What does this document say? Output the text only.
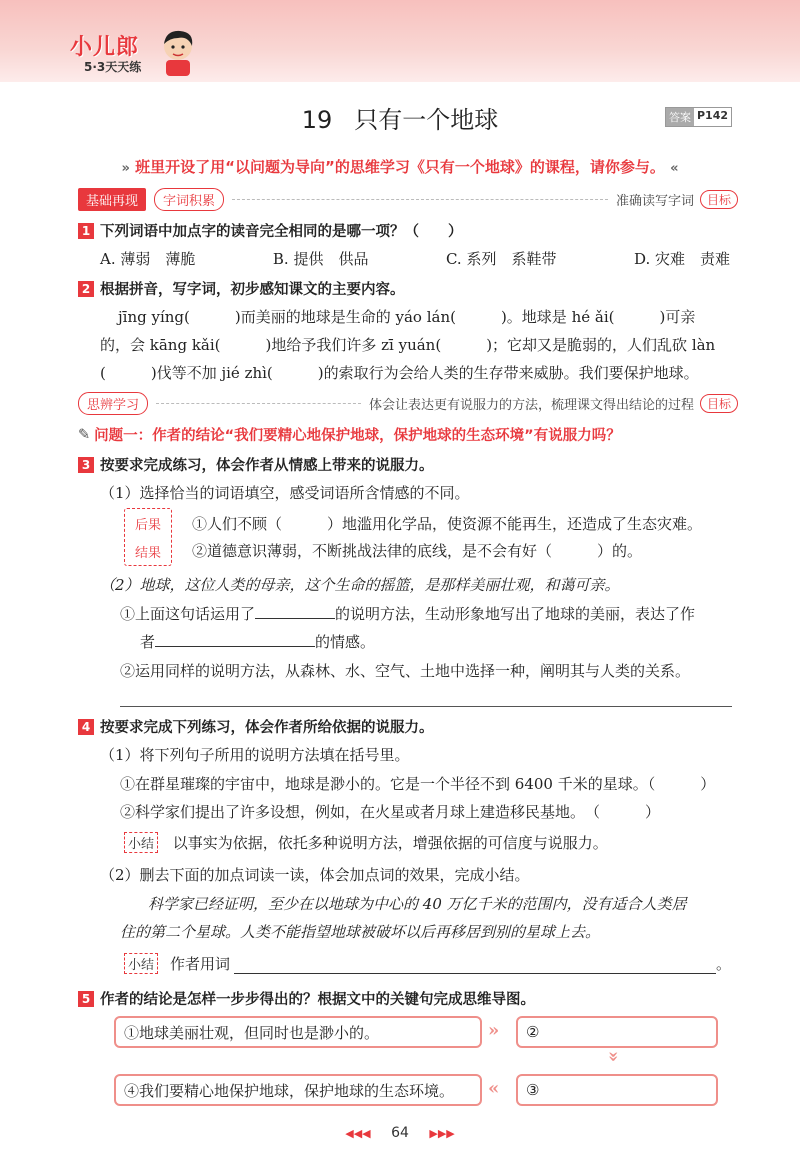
小儿郎
5·3天天练
19 只有一个地球	答案 P142
» 班里开设了用“以问题为导向”的思维学习《只有一个地球》的课程，请你参与。 «
基础再现	字词积累	准确读写字词	目标
1 下列词语中加点字的读音完全相同的是哪一项？（　　）
A. 薄弱　薄脆	B. 提供　供品	C. 系列　系鞋带	D. 灾难　责难
2 根据拼音，写字词，初步感知课文的主要内容。
jīng yíng(　　　)而美丽的地球是生命的 yáo lán(　　　)。地球是 hé ǎi(　　　)可亲
的，会 kāng kǎi(　　　)地给予我们许多 zī yuán(　　　)；它却又是脆弱的，人们乱砍 làn
(　　　)伐等不加 jié zhì(　　　)的索取行为会给人类的生存带来威胁。我们要保护地球。
思辨学习	体会让表达更有说服力的方法，梳理课文得出结论的过程	目标
✎ 问题一：作者的结论“我们要精心地保护地球，保护地球的生态环境”有说服力吗？
3 按要求完成练习，体会作者从情感上带来的说服力。
（1）选择恰当的词语填空，感受词语所含情感的不同。
后果
结果
①人们不顾（　　　）地滥用化学品，使资源不能再生，还造成了生态灾难。
②道德意识薄弱，不断挑战法律的底线，是不会有好（　　　）的。
（2）地球，这位人类的母亲，这个生命的摇篮，是那样美丽壮观，和蔼可亲。
①上面这句话运用了	的说明方法，生动形象地写出了地球的美丽，表达了作
者	的情感。
②运用同样的说明方法，从森林、水、空气、土地中选择一种，阐明其与人类的关系。
4 按要求完成下列练习，体会作者所给依据的说服力。
（1）将下列句子所用的说明方法填在括号里。
①在群星璀璨的宇宙中，地球是渺小的。它是一个半径不到 6400 千米的星球。（　　　）
②科学家们提出了许多设想，例如，在火星或者月球上建造移民基地。　（　　　）
小结 以事实为依据，依托多种说明方法，增强依据的可信度与说服力。
（2）删去下面的加点词读一读，体会加点词的效果，完成小结。
科学家已经证明，至少在以地球为中心的 40 万亿千米的范围内，没有适合人类居
住的第二个星球。人类不能指望地球被破坏以后再移居到别的星球上去。
小结 作者用词	。
5 作者的结论是怎样一步步得出的？根据文中的关键句完成思维导图。
①地球美丽壮观，但同时也是渺小的。	»	②
»
④我们要精心地保护地球，保护地球的生态环境。	«	③
◀◀◀ 64 ▶▶▶
